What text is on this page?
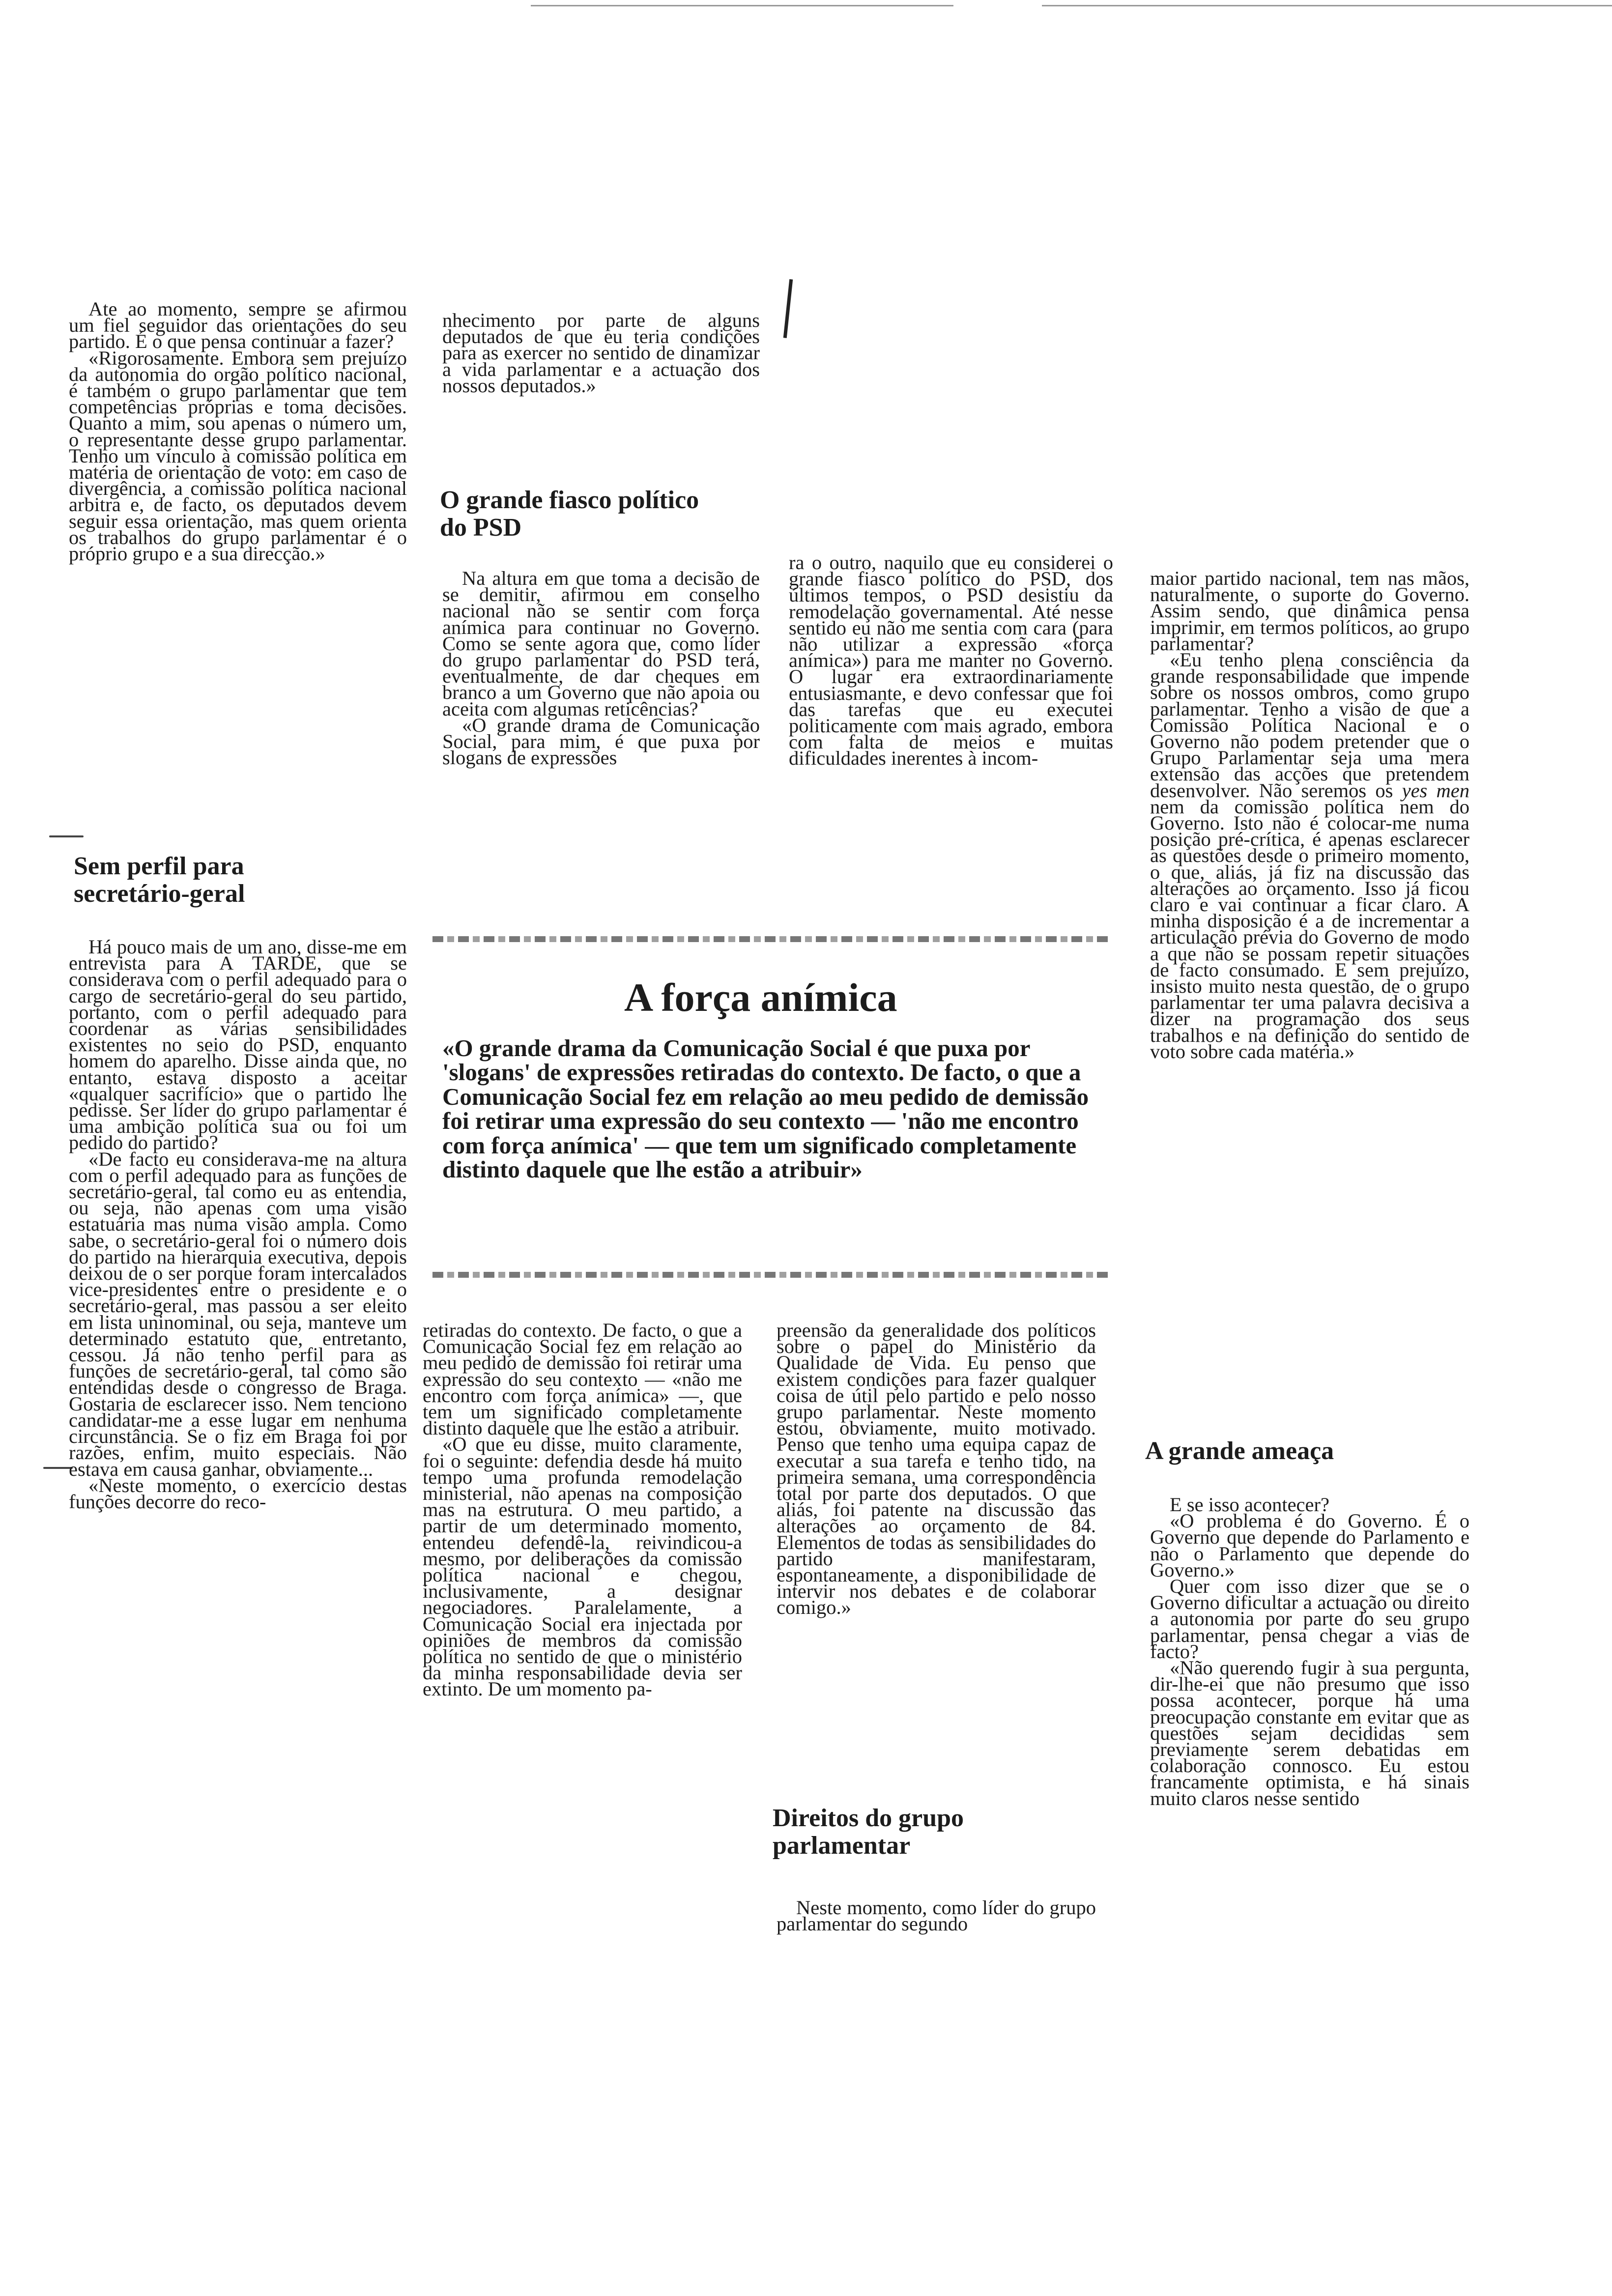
Ate ao momento, sempre se afirmou um fiel seguidor das orientações do seu partido. É o que pensa continuar a fazer?

«Rigorosamente. Embora sem prejuízo da autonomia do orgão político nacional, é também o grupo parlamentar que tem competências próprias e toma decisões. Quanto a mim, sou apenas o número um, o representante desse grupo parlamentar. Tenho um vínculo à comissão política em matéria de orientação de voto: em caso de divergência, a comissão política nacional arbitra e, de facto, os deputados devem seguir essa orientação, mas quem orienta os trabalhos do grupo parlamentar é o próprio grupo e a sua direcção.»

Sem perfil para secretário-geral

Há pouco mais de um ano, disse-me em entrevista para A TARDE, que se considerava com o perfil adequado para o cargo de secretário-geral do seu partido, portanto, com o perfil adequado para coordenar as várias sensibilidades existentes no seio do PSD, enquanto homem do aparelho. Disse ainda que, no entanto, estava disposto a aceitar «qualquer sacrifício» que o partido lhe pedisse. Ser líder do grupo parlamentar é uma ambição política sua ou foi um pedido do partido?

«De facto eu considerava-me na altura com o perfil adequado para as funções de secretário-geral, tal como eu as entendia, ou seja, não apenas com uma visão estatuária mas numa visão ampla. Como sabe, o secretário-geral foi o número dois do partido na hierarquia executiva, depois deixou de o ser porque foram intercalados vice-presidentes entre o presidente e o secretário-geral, mas passou a ser eleito em lista uninominal, ou seja, manteve um determinado estatuto que, entretanto, cessou. Já não tenho perfil para as funções de secretário-geral, tal como são entendidas desde o congresso de Braga. Gostaria de esclarecer isso. Nem tenciono candidatar-me a esse lugar em nenhuma circunstância. Se o fiz em Braga foi por razões, enfim, muito especiais. Não estava em causa ganhar, obviamente...

«Neste momento, o exercício destas funções decorre do reco-

nhecimento por parte de alguns deputados de que eu teria condições para as exercer no sentido de dinamizar a vida parlamentar e a actuação dos nossos deputados.»

O grande fiasco político do PSD

Na altura em que toma a decisão de se demitir, afirmou em conselho nacional não se sentir com força anímica para continuar no Governo. Como se sente agora que, como líder do grupo parlamentar do PSD terá, eventualmente, de dar cheques em branco a um Governo que não apoia ou aceita com algumas reticências?

«O grande drama de Comunicação Social, para mim, é que puxa por slogans de expressões

ra o outro, naquilo que eu considerei o grande fiasco político do PSD, dos últimos tempos, o PSD desistiu da remodelação governamental. Até nesse sentido eu não me sentia com cara (para não utilizar a expressão «força anímica») para me manter no Governo. O lugar era extraordinariamente entusiasmante, e devo confessar que foi das tarefas que eu executei politicamente com mais agrado, embora com falta de meios e muitas dificuldades inerentes à incom-

maior partido nacional, tem nas mãos, naturalmente, o suporte do Governo. Assim sendo, que dinâmica pensa imprimir, em termos políticos, ao grupo parlamentar?

«Eu tenho plena consciência da grande responsabilidade que impende sobre os nossos ombros, como grupo parlamentar. Tenho a visão de que a Comissão Política Nacional e o Governo não podem pretender que o Grupo Parlamentar seja uma mera extensão das acções que pretendem desenvolver. Não seremos os yes men nem da comissão política nem do Governo. Isto não é colocar-me numa posição pré-crítica, é apenas esclarecer as questões desde o primeiro momento, o que, aliás, já fiz na discussão das alterações ao orçamento. Isso já ficou claro e vai continuar a ficar claro. A minha disposição é a de incrementar a articulação prévia do Governo de modo a que não se possam repetir situações de facto consumado. E sem prejuízo, insisto muito nesta questão, de o grupo parlamentar ter uma palavra decisiva a dizer na programação dos seus trabalhos e na definição do sentido de voto sobre cada matéria.»

A grande ameaça

E se isso acontecer?

«O problema é do Governo. É o Governo que depende do Parlamento e não o Parlamento que depende do Governo.»

Quer com isso dizer que se o Governo dificultar a actuação ou direito a autonomia por parte do seu grupo parlamentar, pensa chegar a vias de facto?

«Não querendo fugir à sua pergunta, dir-lhe-ei que não presumo que isso possa acontecer, porque há uma preocupação constante em evitar que as questões sejam decididas sem previamente serem debatidas em colaboração connosco. Eu estou francamente optimista, e há sinais muito claros nesse sentido

A força anímica

«O grande drama da Comunicação Social é que puxa por 'slogans' de expressões retiradas do contexto. De facto, o que a Comunicação Social fez em relação ao meu pedido de demissão foi retirar uma expressão do seu contexto — 'não me encontro com força anímica' — que tem um significado completamente distinto daquele que lhe estão a atribuir»

retiradas do contexto. De facto, o que a Comunicação Social fez em relação ao meu pedido de demissão foi retirar uma expressão do seu contexto — «não me encontro com força anímica» —, que tem um significado completamente distinto daquele que lhe estão a atribuir.

«O que eu disse, muito claramente, foi o seguinte: defendia desde há muito tempo uma profunda remodelação ministerial, não apenas na composição mas na estrutura. O meu partido, a partir de um determinado momento, entendeu defendê-la, reivindicou-a mesmo, por deliberações da comissão política nacional e chegou, inclusivamente, a designar negociadores. Paralelamente, a Comunicação Social era injectada por opiniões de membros da comissão política no sentido de que o ministério da minha responsabilidade devia ser extinto. De um momento pa-

preensão da generalidade dos políticos sobre o papel do Ministério da Qualidade de Vida. Eu penso que existem condições para fazer qualquer coisa de útil pelo partido e pelo nosso grupo parlamentar. Neste momento estou, obviamente, muito motivado. Penso que tenho uma equipa capaz de executar a sua tarefa e tenho tido, na primeira semana, uma correspondência total por parte dos deputados. O que aliás, foi patente na discussão das alterações ao orçamento de 84. Elementos de todas as sensibilidades do partido manifestaram, espontaneamente, a disponibilidade de intervir nos debates e de colaborar comigo.»

Direitos do grupo parlamentar

Neste momento, como líder do grupo parlamentar do segundo
